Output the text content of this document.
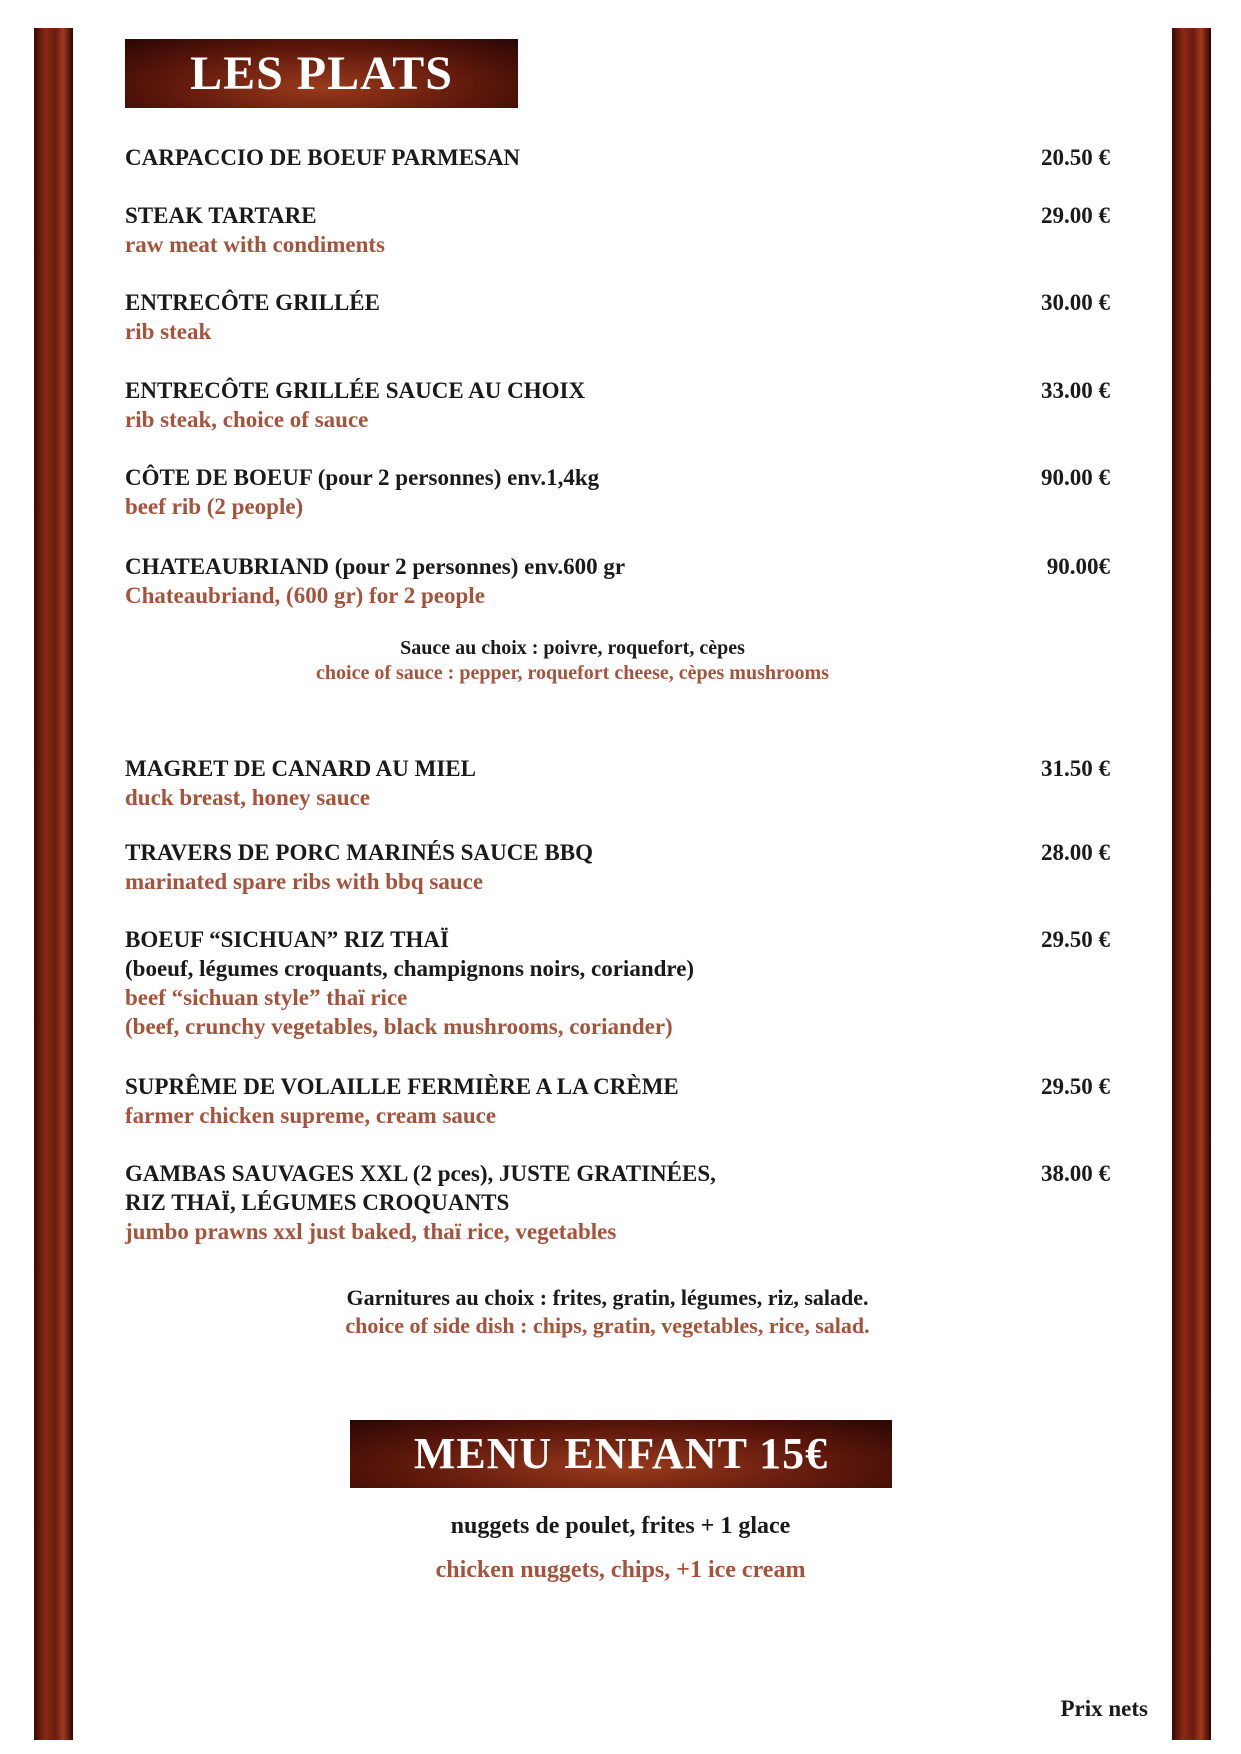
LES PLATS
CARPACCIO DE BOEUF PARMESAN	20.50 €
STEAK TARTARE
raw meat with condiments
29.00 €
ENTRECÔTE GRILLÉE
rib steak
30.00 €
ENTRECÔTE GRILLÉE SAUCE AU CHOIX
rib steak, choice of sauce
33.00 €
CÔTE DE BOEUF (pour 2 personnes) env.1,4kg
beef rib (2 people)
90.00 €
CHATEAUBRIAND (pour 2 personnes) env.600 gr
Chateaubriand, (600 gr) for 2 people
90.00€
Sauce au choix : poivre, roquefort, cèpes
choice of sauce : pepper, roquefort cheese, cèpes mushrooms
MAGRET DE CANARD AU MIEL
duck breast, honey sauce
31.50 €
TRAVERS DE PORC MARINÉS SAUCE BBQ
marinated spare ribs with bbq sauce
28.00 €
BOEUF “SICHUAN” RIZ THAÏ
(boeuf, légumes croquants, champignons noirs, coriandre)
beef “sichuan style” thaï rice
(beef, crunchy vegetables, black mushrooms, coriander)
29.50 €
SUPRÊME DE VOLAILLE FERMIÈRE A LA CRÈME
farmer chicken supreme, cream sauce
29.50 €
GAMBAS SAUVAGES XXL (2 pces), JUSTE GRATINÉES,
RIZ THAÏ, LÉGUMES CROQUANTS
jumbo prawns xxl just baked, thaï rice, vegetables
38.00 €
Garnitures au choix : frites, gratin, légumes, riz, salade.
choice of side dish : chips, gratin, vegetables, rice, salad.
MENU ENFANT 15€
nuggets de poulet, frites + 1 glace
chicken nuggets, chips, +1 ice cream
Prix nets
